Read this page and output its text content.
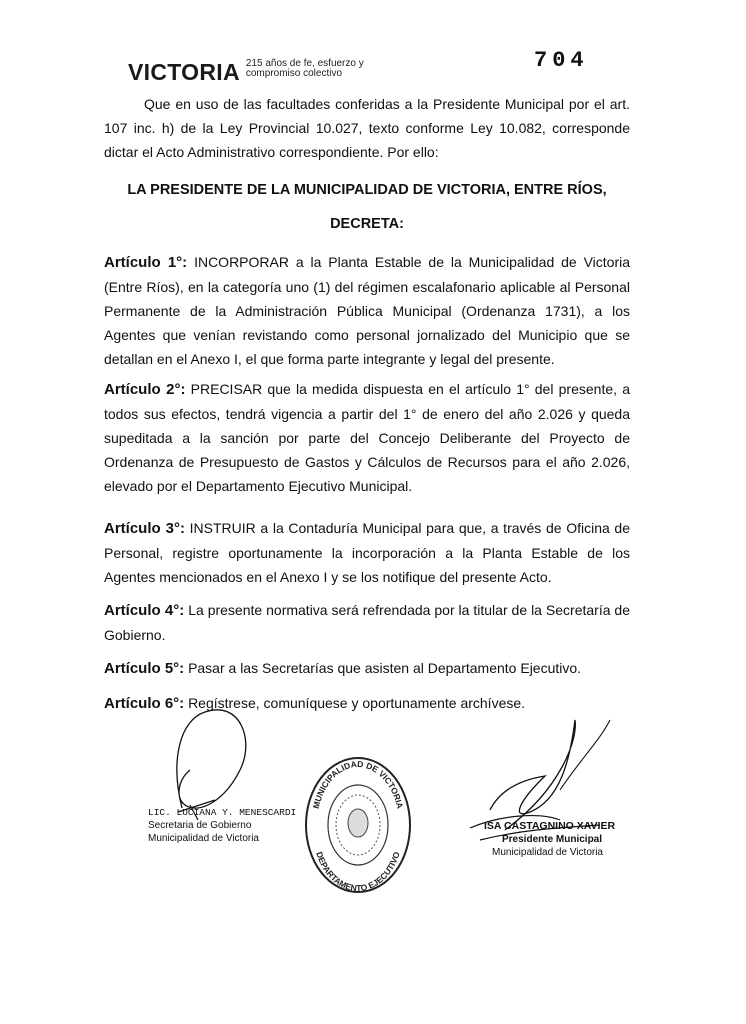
VICTORIA 215 años de fe, esfuerzo y compromiso colectivo
704
Que en uso de las facultades conferidas a la Presidente Municipal por el art. 107 inc. h) de la Ley Provincial 10.027, texto conforme Ley 10.082, corresponde dictar el Acto Administrativo correspondiente. Por ello:
LA PRESIDENTE DE LA MUNICIPALIDAD DE VICTORIA, ENTRE RÍOS,
DECRETA:
Artículo 1°: INCORPORAR a la Planta Estable de la Municipalidad de Victoria (Entre Ríos), en la categoría uno (1) del régimen escalafonario aplicable al Personal Permanente de la Administración Pública Municipal (Ordenanza 1731), a los Agentes que venían revistando como personal jornalizado del Municipio que se detallan en el Anexo I, el que forma parte integrante y legal del presente.
Artículo 2°: PRECISAR que la medida dispuesta en el artículo 1° del presente, a todos sus efectos, tendrá vigencia a partir del 1° de enero del año 2.026 y queda supeditada a la sanción por parte del Concejo Deliberante del Proyecto de Ordenanza de Presupuesto de Gastos y Cálculos de Recursos para el año 2.026, elevado por el Departamento Ejecutivo Municipal.
Artículo 3°: INSTRUIR a la Contaduría Municipal para que, a través de Oficina de Personal, registre oportunamente la incorporación a la Planta Estable de los Agentes mencionados en el Anexo I y se los notifique del presente Acto.
Artículo 4°: La presente normativa será refrendada por la titular de la Secretaría de Gobierno.
Artículo 5°: Pasar a las Secretarías que asisten al Departamento Ejecutivo.
Artículo 6°: Regístrese, comuníquese y oportunamente archívese.
MUNICIPALIDAD DE VICTORIA
DEPARTAMENTO EJECUTIVO
LIC. LUCIANA Y. MENESCARDI
Secretaria de Gobierno
Municipalidad de Victoria
ISA CASTAGNINO XAVIER
Presidente Municipal
Municipalidad de Victoria
